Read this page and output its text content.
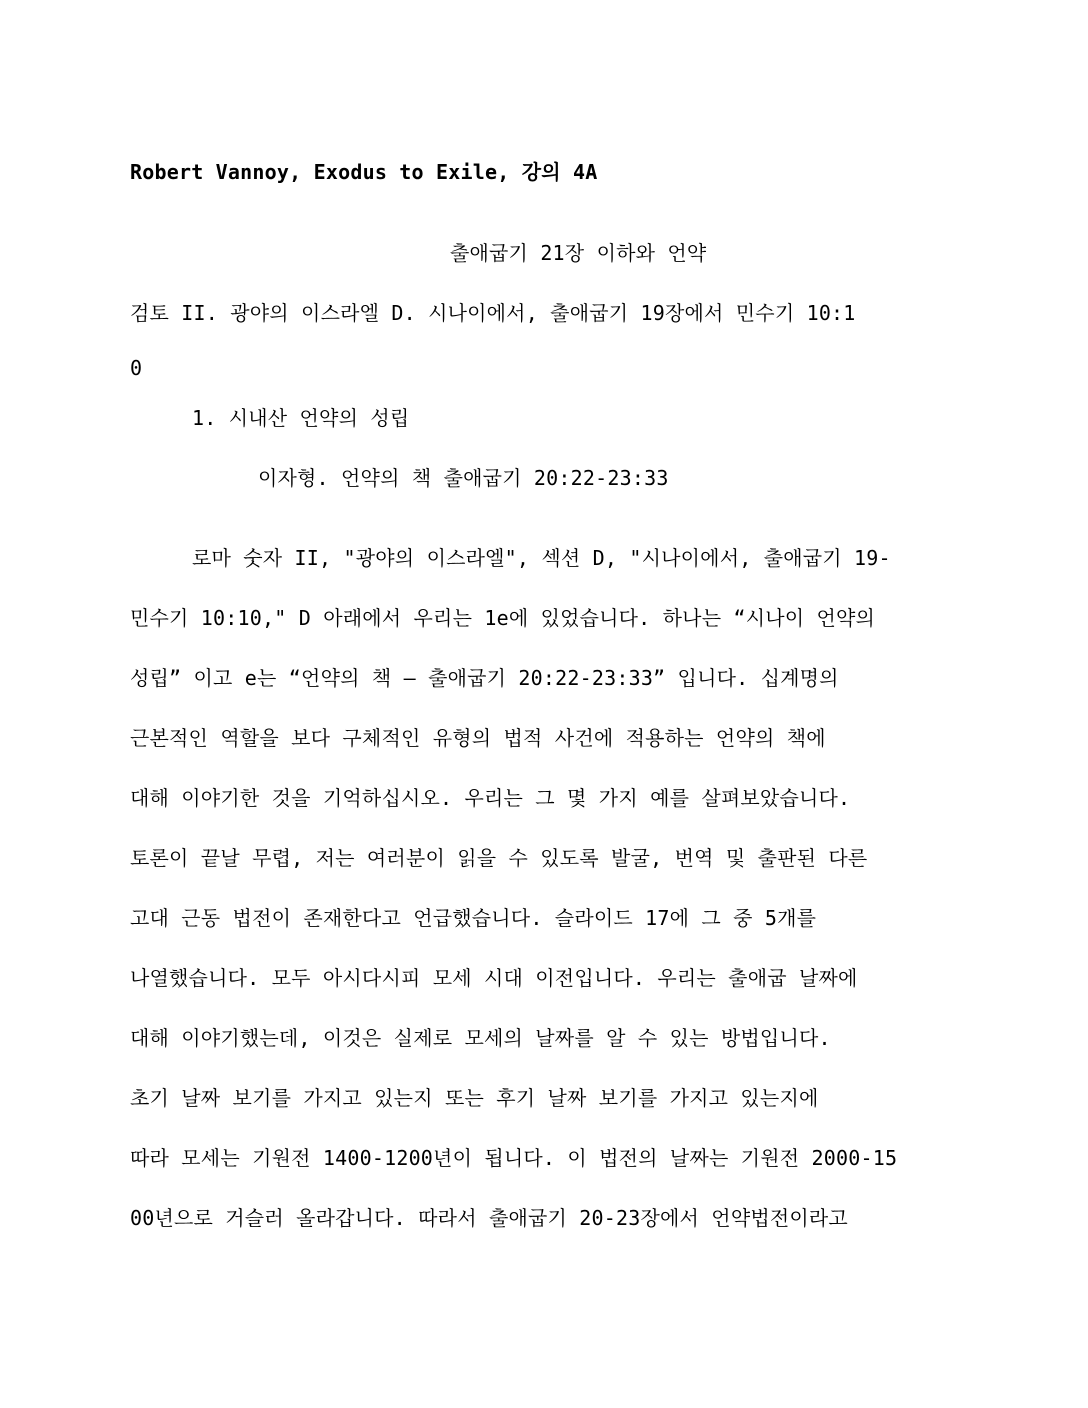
Robert Vannoy, Exodus to Exile, 강의 4A
출애굽기 21장 이하와 언약
검토 II. 광야의 이스라엘 D. 시나이에서, 출애굽기 19장에서 민수기 10:1
0
1. 시내산 언약의 성립
이자형. 언약의 책 출애굽기 20:22-23:33
로마 숫자 II, "광야의 이스라엘", 섹션 D, "시나이에서, 출애굽기 19-
민수기 10:10," D 아래에서 우리는 1e에 있었습니다. 하나는 “시나이 언약의
성립” 이고 e는 “언약의 책 – 출애굽기 20:22-23:33” 입니다. 십계명의
근본적인 역할을 보다 구체적인 유형의 법적 사건에 적용하는 언약의 책에
대해 이야기한 것을 기억하십시오. 우리는 그 몇 가지 예를 살펴보았습니다.
토론이 끝날 무렵, 저는 여러분이 읽을 수 있도록 발굴, 번역 및 출판된 다른
고대 근동 법전이 존재한다고 언급했습니다. 슬라이드 17에 그 중 5개를
나열했습니다. 모두 아시다시피 모세 시대 이전입니다. 우리는 출애굽 날짜에
대해 이야기했는데, 이것은 실제로 모세의 날짜를 알 수 있는 방법입니다.
초기 날짜 보기를 가지고 있는지 또는 후기 날짜 보기를 가지고 있는지에
따라 모세는 기원전 1400-1200년이 됩니다. 이 법전의 날짜는 기원전 2000-15
00년으로 거슬러 올라갑니다. 따라서 출애굽기 20-23장에서 언약법전이라고
